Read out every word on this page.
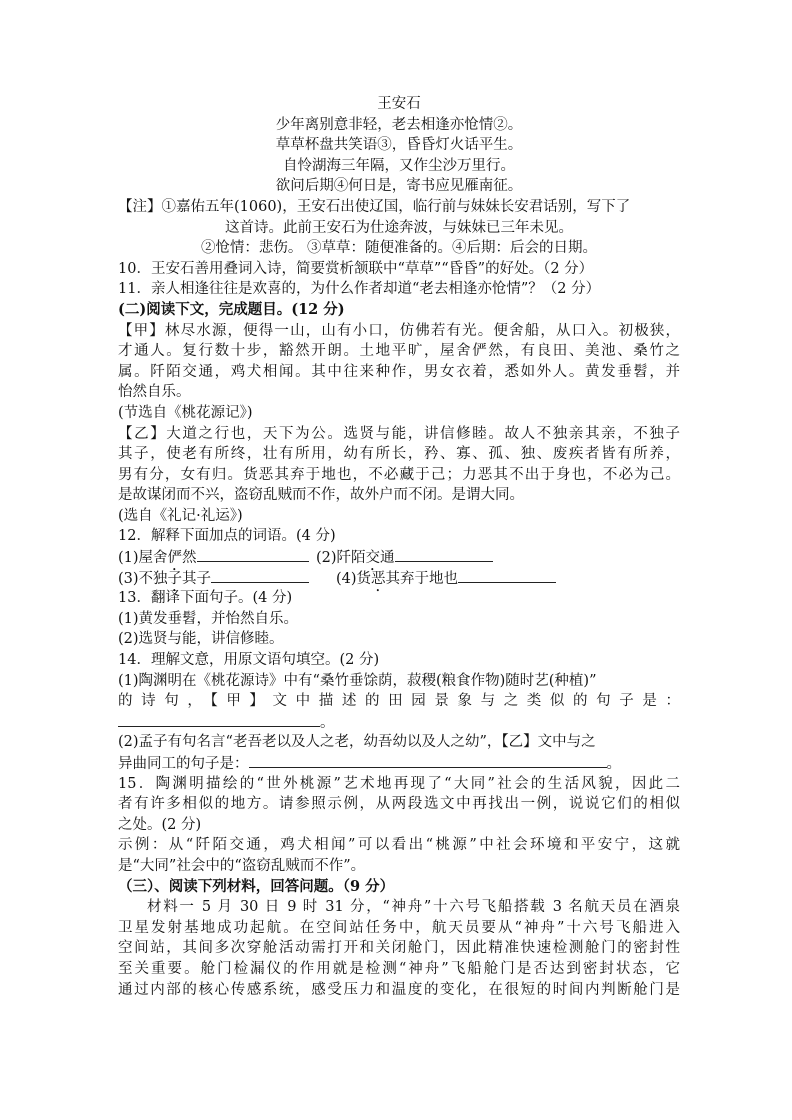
王安石
少年离别意非轻，老去相逢亦怆情②。
草草杯盘共笑语③，昏昏灯火话平生。
自怜湖海三年隔，又作尘沙万里行。
欲问后期④何日是，寄书应见雁南征。
【注】①嘉佑五年(1060)，王安石出使辽国，临行前与妹妹长安君话别，写下了
这首诗。此前王安石为仕途奔波，与妹妹已三年未见。
②怆情：悲伤。 ③草草：随便准备的。④后期：后会的日期。
10．王安石善用叠词入诗，简要赏析颔联中“草草”“昏昏”的好处。（2 分）
11．亲人相逢往往是欢喜的，为什么作者却道“老去相逢亦怆情”？（2 分）
(二)阅读下文，完成题目。(12 分)
【甲】林尽水源，便得一山，山有小口，仿佛若有光。便舍船，从口入。初极狭，
才通人。复行数十步，豁然开朗。土地平旷，屋舍俨然，有良田、美池、桑竹之
属。阡陌交通，鸡犬相闻。其中往来种作，男女衣着，悉如外人。黄发垂髫，并
怡然自乐。
(节选自《桃花源记》)
【乙】大道之行也，天下为公。选贤与能，讲信修睦。故人不独亲其亲，不独子
其子，使老有所终，壮有所用，幼有所长，矜、寡、孤、独、废疾者皆有所养，
男有分，女有归。货恶其弃于地也，不必藏于己；力恶其不出于身也，不必为己。
是故谋闭而不兴，盗窃乱贼而不作，故外户而不闭。是谓大同。
(选自《礼记·礼运》)
12．解释下面加点的词语。(4 分)
(1)屋舍俨然	(2)阡陌交通
(3)不独子其子	(4)货恶其弃于地也
13．翻译下面句子。(4 分)
(1)黄发垂髫，并怡然自乐。
(2)选贤与能，讲信修睦。
14．理解文意，用原文语句填空。(2 分)
(1)陶渊明在《桃花源诗》中有“桑竹垂馀荫，菽稷(粮食作物)随时艺(种植)”
的诗句，【甲】文中描述的田园景象与之类似的句子是：
。
(2)孟子有句名言“老吾老以及人之老，幼吾幼以及人之幼”，【乙】文中与之
异曲同工的句子是：	。
15．陶渊明描绘的“世外桃源”艺术地再现了“大同”社会的生活风貌，因此二
者有许多相似的地方。请参照示例，从两段选文中再找出一例，说说它们的相似
之处。(2 分)
示例：从“阡陌交通，鸡犬相闻”可以看出“桃源”中社会环境和平安宁，这就
是“大同”社会中的“盗窃乱贼而不作”。
（三）、阅读下列材料，回答问题。（9 分）
材料一 5 月 30 日 9 时 31 分，“神舟”十六号飞船搭载 3 名航天员在酒泉
卫星发射基地成功起航。在空间站任务中，航天员要从“神舟”十六号飞船进入
空间站，其间多次穿舱活动需打开和关闭舱门，因此精准快速检测舱门的密封性
至关重要。舱门检漏仪的作用就是检测“神舟”飞船舱门是否达到密封状态，它
通过内部的核心传感系统，感受压力和温度的变化，在很短的时间内判断舱门是
